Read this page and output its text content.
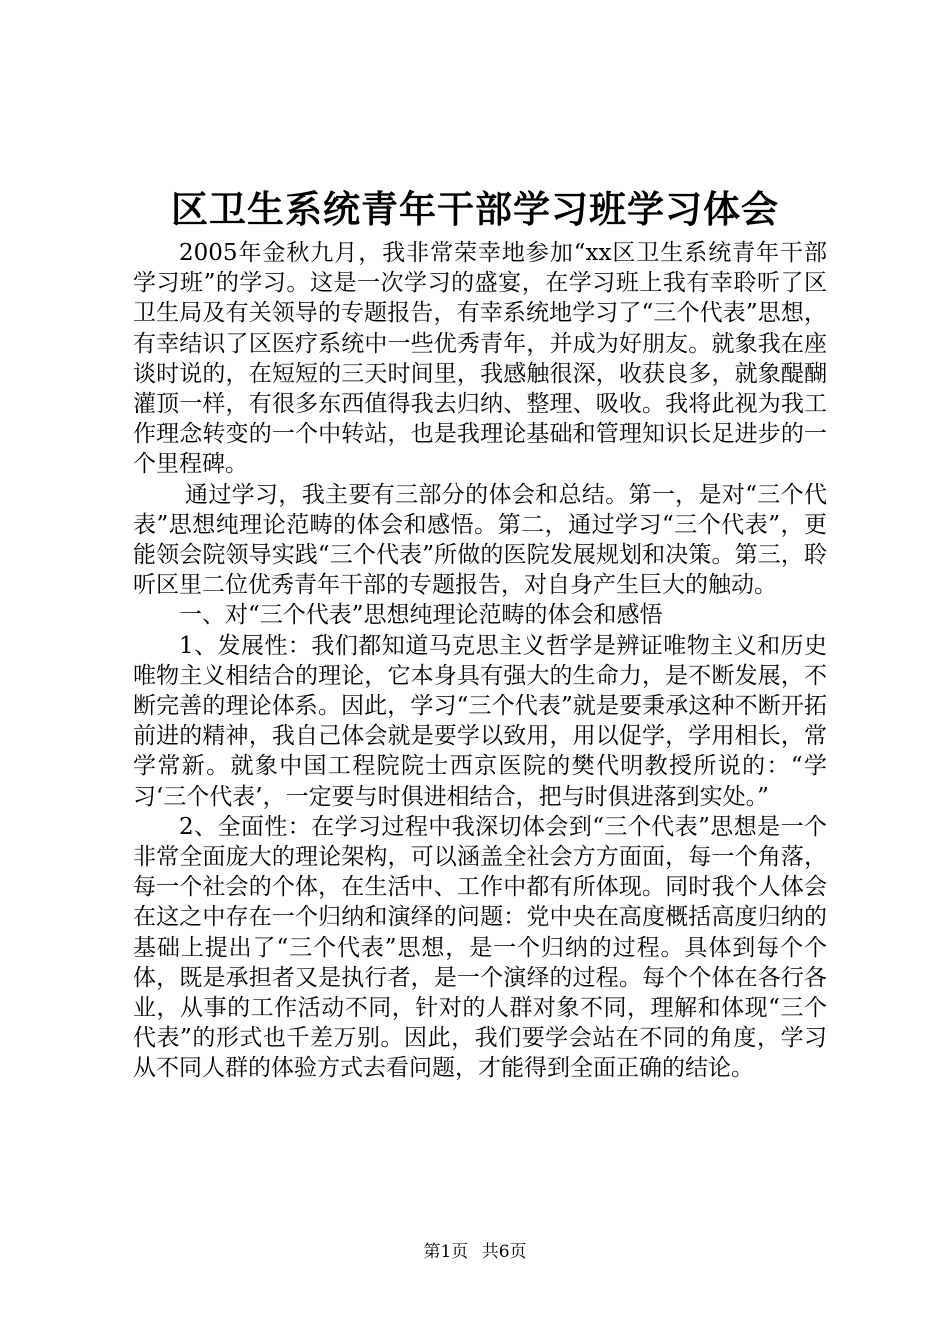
区卫生系统青年干部学习班学习体会

2005年金秋九月，我非常荣幸地参加“xx区卫生系统青年干部学习班”的学习。这是一次学习的盛宴，在学习班上我有幸聆听了区卫生局及有关领导的专题报告，有幸系统地学习了“三个代表”思想，有幸结识了区医疗系统中一些优秀青年，并成为好朋友。就象我在座谈时说的，在短短的三天时间里，我感触很深，收获良多，就象醍醐灌顶一样，有很多东西值得我去归纳、整理、吸收。我将此视为我工作理念转变的一个中转站，也是我理论基础和管理知识长足进步的一个里程碑。

通过学习，我主要有三部分的体会和总结。第一，是对“三个代表”思想纯理论范畴的体会和感悟。第二，通过学习“三个代表”，更能领会院领导实践“三个代表”所做的医院发展规划和决策。第三，聆听区里二位优秀青年干部的专题报告，对自身产生巨大的触动。

一、对“三个代表”思想纯理论范畴的体会和感悟

1、发展性：我们都知道马克思主义哲学是辨证唯物主义和历史唯物主义相结合的理论，它本身具有强大的生命力，是不断发展，不断完善的理论体系。因此，学习“三个代表”就是要秉承这种不断开拓前进的精神，我自己体会就是要学以致用，用以促学，学用相长，常学常新。就象中国工程院院士西京医院的樊代明教授所说的：“学习‘三个代表’，一定要与时俱进相结合，把与时俱进落到实处。”

2、全面性：在学习过程中我深切体会到“三个代表”思想是一个非常全面庞大的理论架构，可以涵盖全社会方方面面，每一个角落，每一个社会的个体，在生活中、工作中都有所体现。同时我个人体会在这之中存在一个归纳和演绎的问题：党中央在高度概括高度归纳的基础上提出了“三个代表”思想，是一个归纳的过程。具体到每个个体，既是承担者又是执行者，是一个演绎的过程。每个个体在各行各业，从事的工作活动不同，针对的人群对象不同，理解和体现“三个代表”的形式也千差万别。因此，我们要学会站在不同的角度，学习从不同人群的体验方式去看问题，才能得到全面正确的结论。

第1页 共6页
